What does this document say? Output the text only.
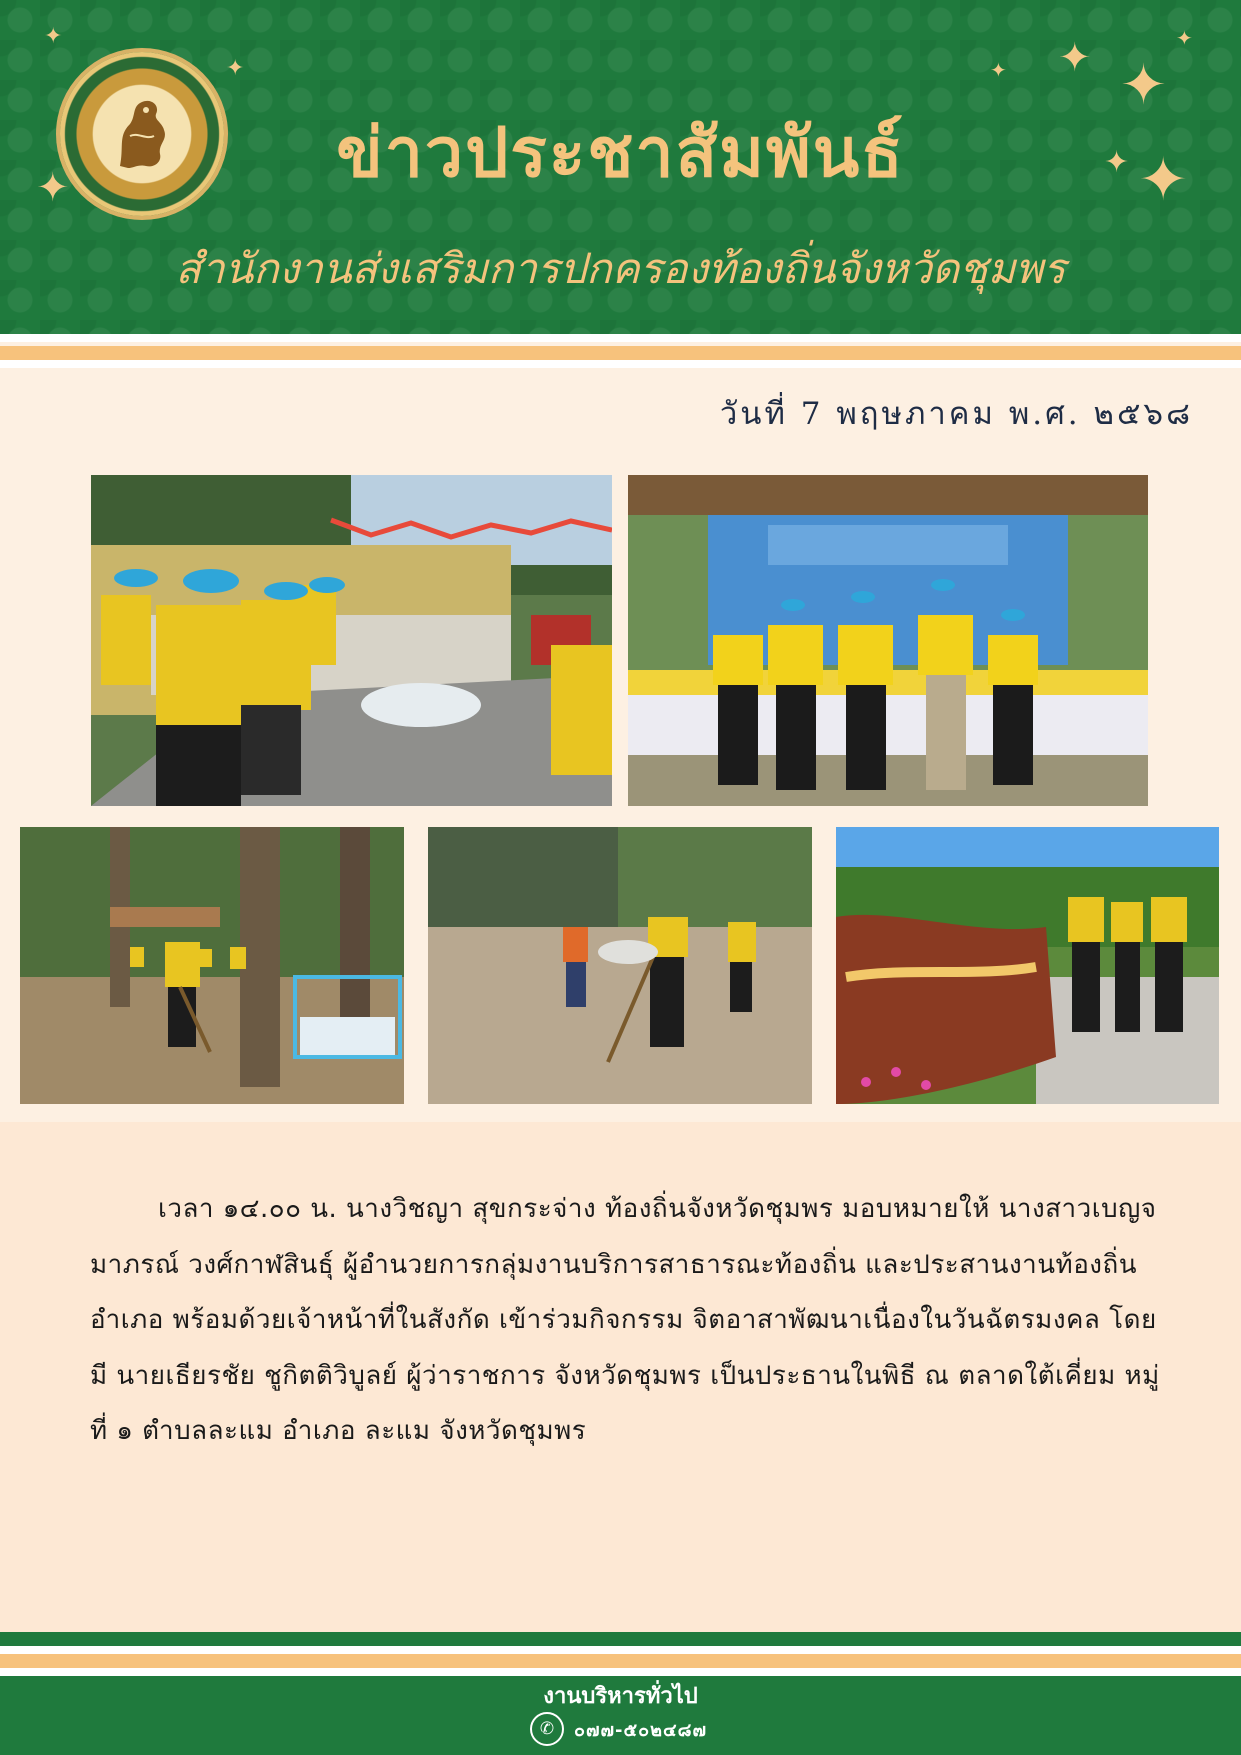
✦
✦
✦	✦
✦ ✦
✦
✦ ✦
ข่าวประชาสัมพันธ์
สำนักงานส่งเสริมการปกครองท้องถิ่นจังหวัดชุมพร
วันที่ 7 พฤษภาคม พ.ศ. ๒๕๖๘
เวลา ๑๔.๐๐ น. นางวิชญา สุขกระจ่าง ท้องถิ่นจังหวัดชุมพร มอบหมายให้ นางสาวเบญจมาภรณ์ วงศ์กาฬสินธุ์ ผู้อำนวยการกลุ่มงานบริการสาธารณะท้องถิ่น และประสานงานท้องถิ่นอำเภอ พร้อมด้วยเจ้าหน้าที่ในสังกัด เข้าร่วมกิจกรรม จิตอาสาพัฒนาเนื่องในวันฉัตรมงคล โดยมี นายเธียรชัย ชูกิตติวิบูลย์ ผู้ว่าราชการ จังหวัดชุมพร เป็นประธานในพิธี ณ ตลาดใต้เคี่ยม หมู่ที่ ๑ ตำบลละแม อำเภอ ละแม จังหวัดชุมพร
งานบริหารทั่วไป
✆	๐๗๗-๕๐๒๔๘๗
